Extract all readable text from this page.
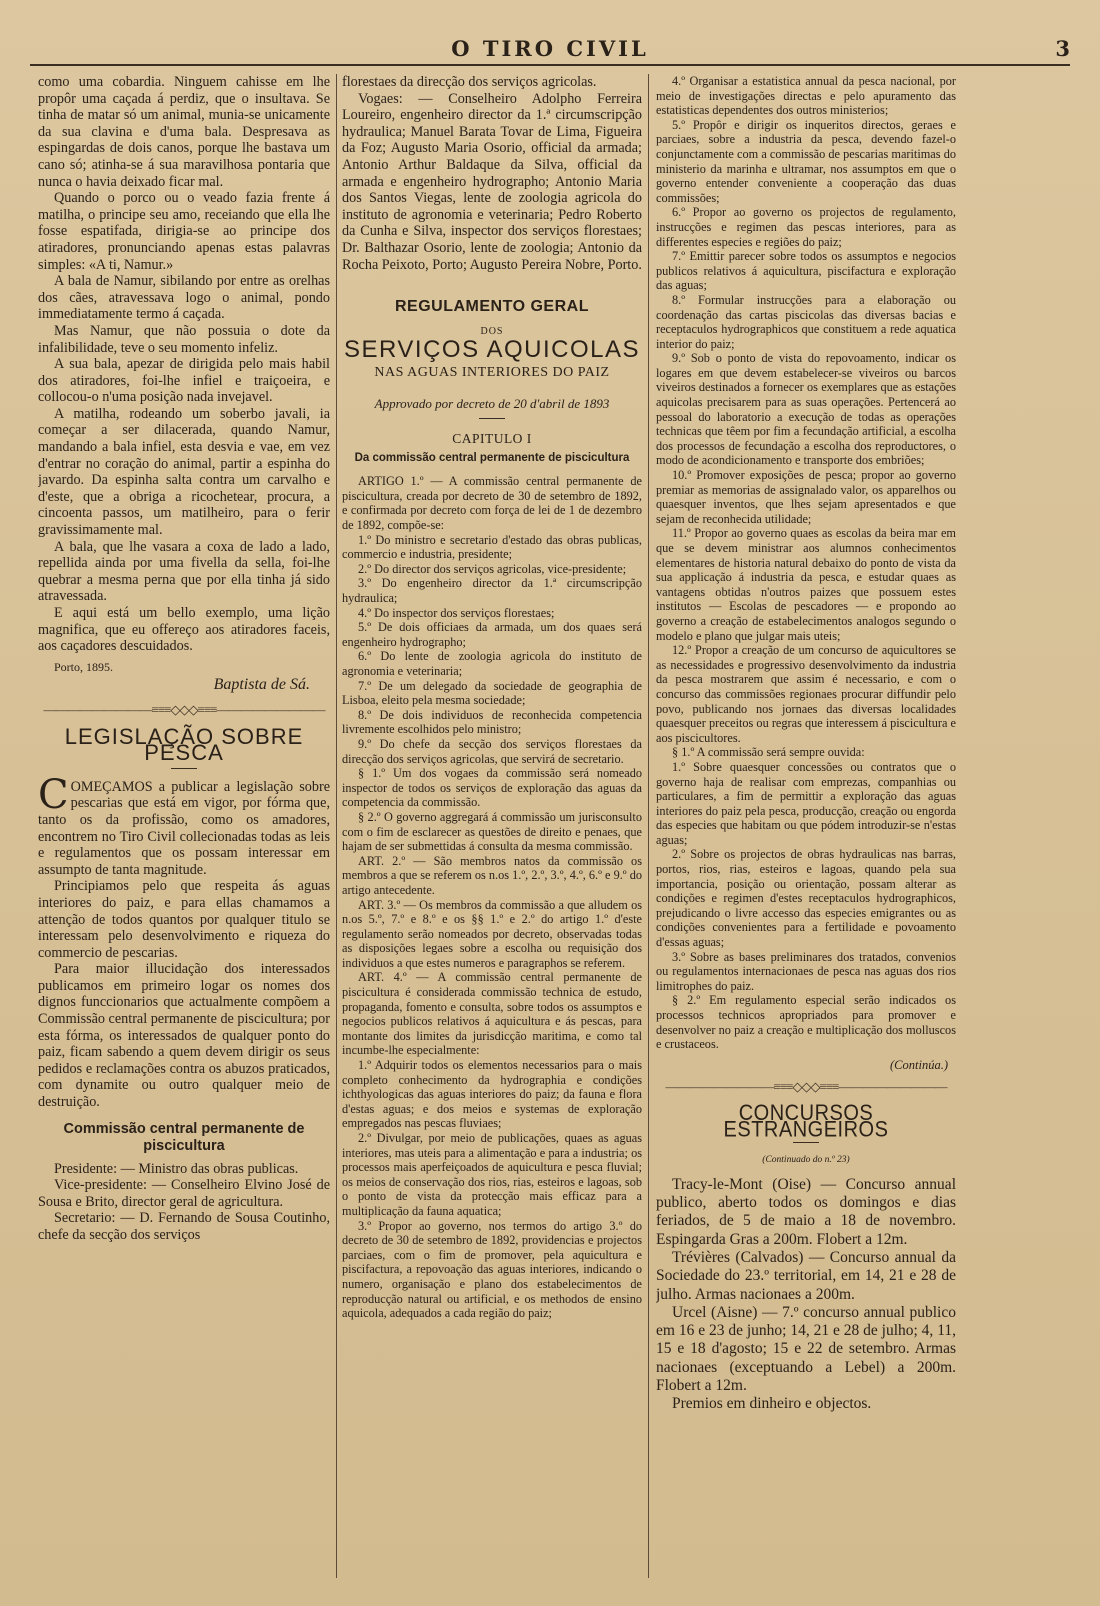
O TIRO CIVIL	3

como uma cobardia. Ninguem cahisse em lhe propôr uma caçada á perdiz, que o insultava. Se tinha de matar só um animal, munia-se unicamente da sua clavina e d'uma bala. Despresava as espingardas de dois canos, porque lhe bastava um cano só; atinha-se á sua maravilhosa pontaria que nunca o havia deixado ficar mal.

Quando o porco ou o veado fazia frente á matilha, o principe seu amo, receiando que ella lhe fosse espatifada, dirigia-se ao principe dos atiradores, pronunciando apenas estas palavras simples: «A ti, Namur.»

A bala de Namur, sibilando por entre as orelhas dos cães, atravessava logo o animal, pondo immediatamente termo á caçada.

Mas Namur, que não possuia o dote da infalibilidade, teve o seu momento infeliz.

A sua bala, apezar de dirigida pelo mais habil dos atiradores, foi-lhe infiel e traiçoeira, e collocou-o n'uma posição nada invejavel.

A matilha, rodeando um soberbo javali, ia começar a ser dilacerada, quando Namur, mandando a bala infiel, esta desvia e vae, em vez d'entrar no coração do animal, partir a espinha do javardo. Da espinha salta contra um carvalho e d'este, que a obriga a ricochetear, procura, a cincoenta passos, um matilheiro, para o ferir gravissimamente mal.

A bala, que lhe vasara a coxa de lado a lado, repellida ainda por uma fivella da sella, foi-lhe quebrar a mesma perna que por ella tinha já sido atravessada.

E aqui está um bello exemplo, uma lição magnifica, que eu offereço aos atiradores faceis, aos caçadores descuidados.

Porto, 1895.
Baptista de Sá.
—————————≡≡≡◇◇◇≡≡≡—————————
LEGISLAÇÃO SOBRE PESCA

COMEÇAMOS a publicar a legislação sobre pescarias que está em vigor, por fórma que, tanto os da profissão, como os amadores, encontrem no Tiro Civil collecionadas todas as leis e regulamentos que os possam interessar em assumpto de tanta magnitude.

Principiamos pelo que respeita ás aguas interiores do paiz, e para ellas chamamos a attenção de todos quantos por qualquer titulo se interessam pelo desenvolvimento e riqueza do commercio de pescarias.

Para maior illucidação dos interessados publicamos em primeiro logar os nomes dos dignos funccionarios que actualmente compõem a Commissão central permanente de piscicultura; por esta fórma, os interessados de qualquer ponto do paiz, ficam sabendo a quem devem dirigir os seus pedidos e reclamações contra os abuzos praticados, com dynamite ou outro qualquer meio de destruição.

Commissão central permanente de piscicultura

Presidente: — Ministro das obras publicas.

Vice-presidente: — Conselheiro Elvino José de Sousa e Brito, director geral de agricultura.

Secretario: — D. Fernando de Sousa Coutinho, chefe da secção dos serviços

florestaes da direcção dos serviços agricolas.

Vogaes: — Conselheiro Adolpho Ferreira Loureiro, engenheiro director da 1.ª circumscripção hydraulica; Manuel Barata Tovar de Lima, Figueira da Foz; Augusto Maria Osorio, official da armada; Antonio Arthur Baldaque da Silva, official da armada e engenheiro hydrographo; Antonio Maria dos Santos Viegas, lente de zoologia agricola do instituto de agronomia e veterinaria; Pedro Roberto da Cunha e Silva, inspector dos serviços florestaes; Dr. Balthazar Osorio, lente de zoologia; Antonio da Rocha Peixoto, Porto; Augusto Pereira Nobre, Porto.

REGULAMENTO GERAL
DOS
SERVIÇOS AQUICOLAS
NAS AGUAS INTERIORES DO PAIZ
Approvado por decreto de 20 d'abril de 1893
CAPITULO I
Da commissão central permanente de piscicultura

ARTIGO 1.º — A commissão central permanente de piscicultura, creada por decreto de 30 de setembro de 1892, e confirmada por decreto com força de lei de 1 de dezembro de 1892, compõe-se:

1.º Do ministro e secretario d'estado das obras publicas, commercio e industria, presidente;

2.º Do director dos serviços agricolas, vice-presidente;

3.º Do engenheiro director da 1.ª circumscripção hydraulica;

4.º Do inspector dos serviços florestaes;

5.º De dois officiaes da armada, um dos quaes será engenheiro hydrographo;

6.º Do lente de zoologia agricola do instituto de agronomia e veterinaria;

7.º De um delegado da sociedade de geographia de Lisboa, eleito pela mesma sociedade;

8.º De dois individuos de reconhecida competencia livremente escolhidos pelo ministro;

9.º Do chefe da secção dos serviços florestaes da direcção dos serviços agricolas, que servirá de secretario.

§ 1.º Um dos vogaes da commissão será nomeado inspector de todos os serviços de exploração das aguas da competencia da commissão.

§ 2.º O governo aggregará á commissão um jurisconsulto com o fim de esclarecer as questões de direito e penaes, que hajam de ser submettidas á consulta da mesma commissão.

ART. 2.º — São membros natos da commissão os membros a que se referem os n.os 1.º, 2.º, 3.º, 4.º, 6.º e 9.º do artigo antecedente.

ART. 3.º — Os membros da commissão a que alludem os n.os 5.º, 7.º e 8.º e os §§ 1.º e 2.º do artigo 1.º d'este regulamento serão nomeados por decreto, observadas todas as disposições legaes sobre a escolha ou requisição dos individuos a que estes numeros e paragraphos se referem.

ART. 4.º — A commissão central permanente de piscicultura é considerada commissão technica de estudo, propaganda, fomento e consulta, sobre todos os assumptos e negocios publicos relativos á aquicultura e ás pescas, para montante dos limites da jurisdicção maritima, e como tal incumbe-lhe especialmente:

1.º Adquirir todos os elementos necessarios para o mais completo conhecimento da hydrographia e condições ichthyologicas das aguas interiores do paiz; da fauna e flora d'estas aguas; e dos meios e systemas de exploração empregados nas pescas fluviaes;

2.º Divulgar, por meio de publicações, quaes as aguas interiores, mas uteis para a alimentação e para a industria; os processos mais aperfeiçoados de aquicultura e pesca fluvial; os meios de conservação dos rios, rias, esteiros e lagoas, sob o ponto de vista da protecção mais efficaz para a multiplicação da fauna aquatica;

3.º Propor ao governo, nos termos do artigo 3.º do decreto de 30 de setembro de 1892, providencias e projectos parciaes, com o fim de promover, pela aquicultura e piscifactura, a repovoação das aguas interiores, indicando o numero, organisação e plano dos estabelecimentos de reproducção natural ou artificial, e os methodos de ensino aquicola, adequados a cada região do paiz;

4.º Organisar a estatistica annual da pesca nacional, por meio de investigações directas e pelo apuramento das estatisticas dependentes dos outros ministerios;

5.º Propôr e dirigir os inqueritos directos, geraes e parciaes, sobre a industria da pesca, devendo fazel-o conjunctamente com a commissão de pescarias maritimas do ministerio da marinha e ultramar, nos assumptos em que o governo entender conveniente a cooperação das duas commissões;

6.º Propor ao governo os projectos de regulamento, instrucções e regimen das pescas interiores, para as differentes especies e regiões do paiz;

7.º Emittir parecer sobre todos os assumptos e negocios publicos relativos á aquicultura, piscifactura e exploração das aguas;

8.º Formular instrucções para a elaboração ou coordenação das cartas piscicolas das diversas bacias e receptaculos hydrographicos que constituem a rede aquatica interior do paiz;

9.º Sob o ponto de vista do repovoamento, indicar os logares em que devem estabelecer-se viveiros ou barcos viveiros destinados a fornecer os exemplares que as estações aquicolas precisarem para as suas operações. Pertencerá ao pessoal do laboratorio a execução de todas as operações technicas que têem por fim a fecundação artificial, a escolha dos processos de fecundação a escolha dos reproductores, o modo de acondicionamento e transporte dos embriões;

10.º Promover exposições de pesca; propor ao governo premiar as memorias de assignalado valor, os apparelhos ou quaesquer inventos, que lhes sejam apresentados e que sejam de reconhecida utilidade;

11.º Propor ao governo quaes as escolas da beira mar em que se devem ministrar aos alumnos conhecimentos elementares de historia natural debaixo do ponto de vista da sua applicação á industria da pesca, e estudar quaes as vantagens obtidas n'outros paizes que possuem estes institutos — Escolas de pescadores — e propondo ao governo a creação de estabelecimentos analogos segundo o modelo e plano que julgar mais uteis;

12.º Propor a creação de um concurso de aquicultores se as necessidades e progressivo desenvolvimento da industria da pesca mostrarem que assim é necessario, e com o concurso das commissões regionaes procurar diffundir pelo povo, publicando nos jornaes das diversas localidades quaesquer preceitos ou regras que interessem á piscicultura e aos piscicultores.

§ 1.º A commissão será sempre ouvida:

1.º Sobre quaesquer concessões ou contratos que o governo haja de realisar com emprezas, companhias ou particulares, a fim de permittir a exploração das aguas interiores do paiz pela pesca, producção, creação ou engorda das especies que habitam ou que pódem introduzir-se n'estas aguas;

2.º Sobre os projectos de obras hydraulicas nas barras, portos, rios, rias, esteiros e lagoas, quando pela sua importancia, posição ou orientação, possam alterar as condições e regimen d'estes receptaculos hydrographicos, prejudicando o livre accesso das especies emigrantes ou as condições convenientes para a fertilidade e povoamento d'essas aguas;

3.º Sobre as bases preliminares dos tratados, convenios ou regulamentos internacionaes de pesca nas aguas dos rios limitrophes do paiz.

§ 2.º Em regulamento especial serão indicados os processos technicos apropriados para promover e desenvolver no paiz a creação e multiplicação dos molluscos e crustaceos.

(Continúa.)
—————————≡≡≡◇◇◇≡≡≡—————————
CONCURSOS ESTRANGEIROS
(Continuado do n.º 23)

Tracy-le-Mont (Oise) — Concurso annual publico, aberto todos os domingos e dias feriados, de 5 de maio a 18 de novembro. Espingarda Gras a 200m. Flobert a 12m.

Trévières (Calvados) — Concurso annual da Sociedade do 23.º territorial, em 14, 21 e 28 de julho. Armas nacionaes a 200m.

Urcel (Aisne) — 7.º concurso annual publico em 16 e 23 de junho; 14, 21 e 28 de julho; 4, 11, 15 e 18 d'agosto; 15 e 22 de setembro. Armas nacionaes (exceptuando a Lebel) a 200m. Flobert a 12m.

Premios em dinheiro e objectos.
